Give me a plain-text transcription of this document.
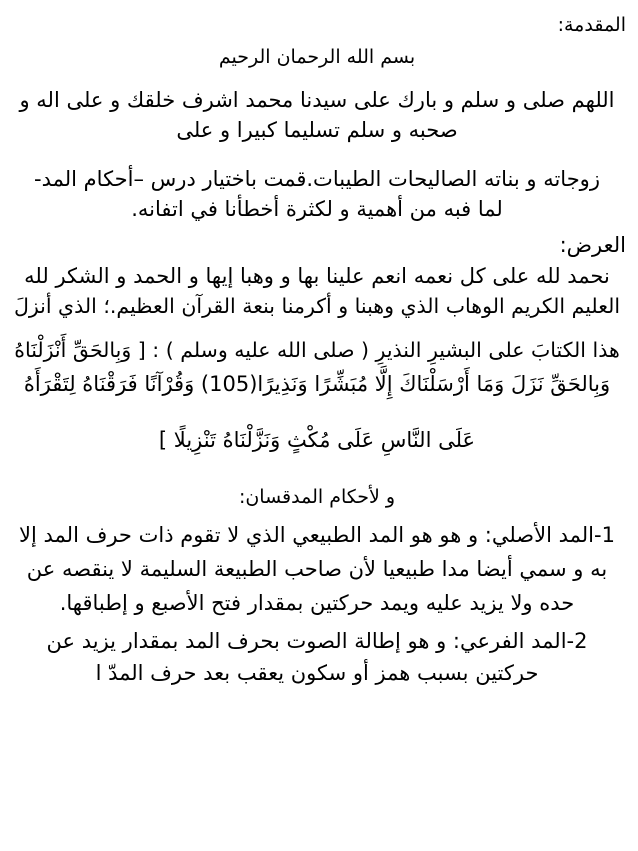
المقدمة:
بسم الله الرحمان الرحيم
اللهم صلى و سلم و بارك على سيدنا محمد اشرف خلقك و على اله و
صحبه و سلم تسليما كبيرا و على
زوجاته و بناته الصاليحات الطيبات.قمت باختيار درس –أحكام المد-
لما فبه من أهمية و لكثرة أخطأنا في اتفانه.
العرض:
نحمد لله على كل نعمه انعم علينا بها و وهبا إيها و الحمد و الشكر لله
العليم الكريم الوهاب الذي وهبنا و أكرمنا بنعة القرآن العظيم.؛ الذي أنزلَ
هذا الكتابَ على البشيرِ النذيرِ ( صلى الله عليه وسلم ) : [ وَبِالحَقِّ أَنْزَلْنَاهُ
وَبِالحَقِّ نَزَلَ وَمَا أَرْسَلْنَاكَ إِلَّا مُبَشِّرًا وَنَذِيرًا(105) وَقُرْآنًا فَرَقْنَاهُ لِتَقْرَأَهُ
عَلَى النَّاسِ عَلَى مُكْثٍ وَنَزَّلْنَاهُ تَنْزِيلًا ]
و لأحكام المدقسان:
1-المد الأصلي: و هو هو المد الطبيعي الذي لا تقوم ذات حرف المد إلا
به و سمي أيضا مدا طبيعيا لأن صاحب الطبيعة السليمة لا ينقصه عن
حده ولا يزيد عليه ويمد حركتين بمقدار فتح الأصبع و إطباقها.
2-المد الفرعي: و هو إطالة الصوت بحرف المد بمقدار يزيد عن
حركتين بسبب همز أو سكون يعقب بعد حرف المدّ ا
